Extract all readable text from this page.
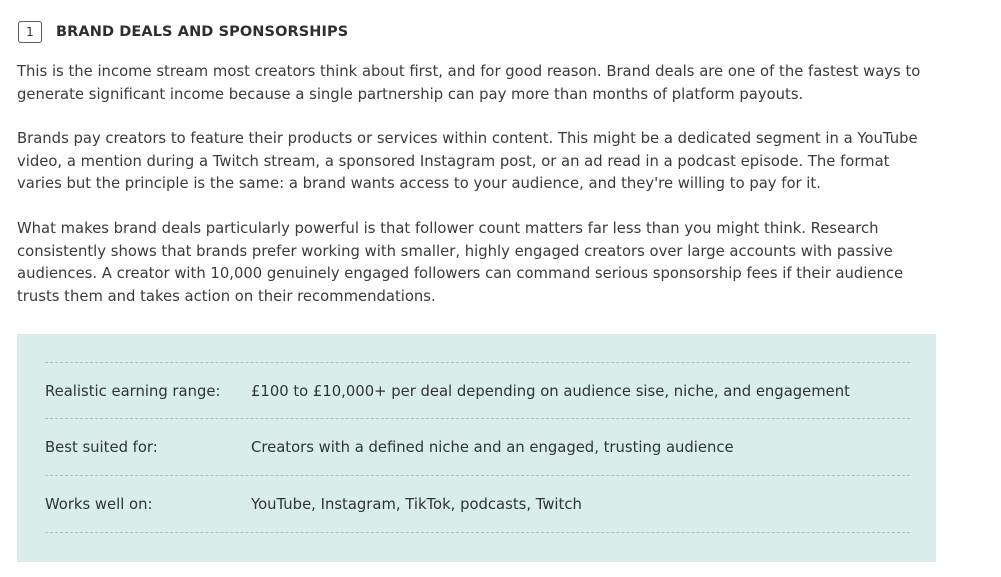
1	BRAND DEALS AND SPONSORSHIPS

This is the income stream most creators think about first, and for good reason. Brand deals are one of the fastest ways to generate significant income because a single partnership can pay more than months of platform payouts.

Brands pay creators to feature their products or services within content. This might be a dedicated segment in a YouTube video, a mention during a Twitch stream, a sponsored Instagram post, or an ad read in a podcast episode. The format varies but the principle is the same: a brand wants access to your audience, and they're willing to pay for it.

What makes brand deals particularly powerful is that follower count matters far less than you might think. Research consistently shows that brands prefer working with smaller, highly engaged creators over large accounts with passive audiences. A creator with 10,000 genuinely engaged followers can command serious sponsorship fees if their audience trusts them and takes action on their recommendations.

Realistic earning range:	£100 to £10,000+ per deal depending on audience sise, niche, and engagement
Best suited for:	Creators with a defined niche and an engaged, trusting audience
Works well on:	YouTube, Instagram, TikTok, podcasts, Twitch
